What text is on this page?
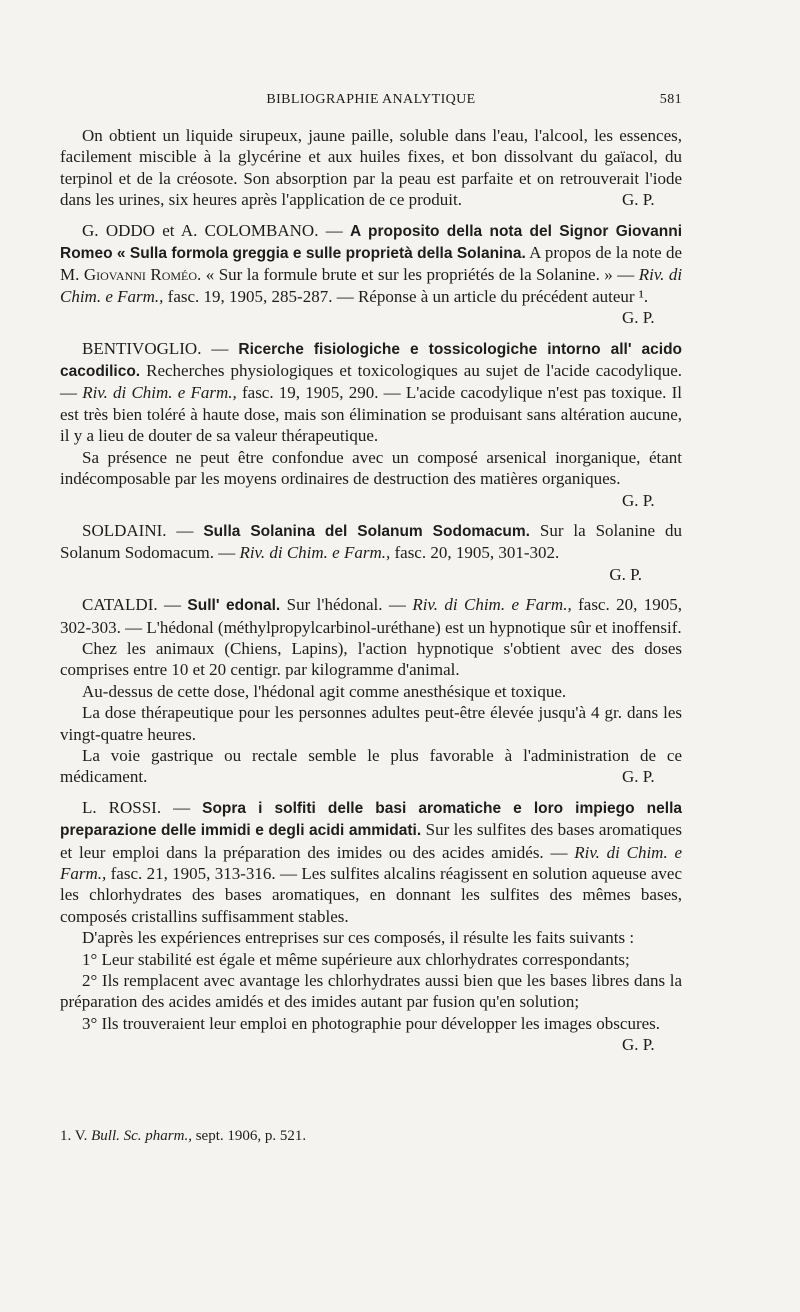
BIBLIOGRAPHIE ANALYTIQUE	581

On obtient un liquide sirupeux, jaune paille, soluble dans l'eau, l'alcool, les essences, facilement miscible à la glycérine et aux huiles fixes, et bon dissolvant du gaïacol, du terpinol et de la créosote. Son absorption par la peau est parfaite et on retrouverait l'iode dans les urines, six heures après l'application de ce produit.	G. P.

G. ODDO et A. COLOMBANO. — A proposito della nota del Signor Giovanni Romeo « Sulla formola greggia e sulle proprietà della Solanina. A propos de la note de M. Giovanni Roméo. « Sur la formule brute et sur les propriétés de la Solanine. » — Riv. di Chim. e Farm., fasc. 19, 1905, 285-287. — Réponse à un article du précédent auteur ¹.
G. P.

BENTIVOGLIO. — Ricerche fisiologiche e tossicologiche intorno all' acido cacodilico. Recherches physiologiques et toxicologiques au sujet de l'acide cacodylique. — Riv. di Chim. e Farm., fasc. 19, 1905, 290. — L'acide cacodylique n'est pas toxique. Il est très bien toléré à haute dose, mais son élimination se produisant sans altération aucune, il y a lieu de douter de sa valeur thérapeutique.

Sa présence ne peut être confondue avec un composé arsenical inorganique, étant indécomposable par les moyens ordinaires de destruction des matières organiques.
G. P.

SOLDAINI. — Sulla Solanina del Solanum Sodomacum. Sur la Solanine du Solanum Sodomacum. — Riv. di Chim. e Farm., fasc. 20, 1905, 301-302.
G. P.

CATALDI. — Sull' edonal. Sur l'hédonal. — Riv. di Chim. e Farm., fasc. 20, 1905, 302-303. — L'hédonal (méthylpropylcarbinol-uréthane) est un hypnotique sûr et inoffensif.

Chez les animaux (Chiens, Lapins), l'action hypnotique s'obtient avec des doses comprises entre 10 et 20 centigr. par kilogramme d'animal.

Au-dessus de cette dose, l'hédonal agit comme anesthésique et toxique.

La dose thérapeutique pour les personnes adultes peut-être élevée jusqu'à 4 gr. dans les vingt-quatre heures.

La voie gastrique ou rectale semble le plus favorable à l'administration de ce médicament.	G. P.

L. ROSSI. — Sopra i solfiti delle basi aromatiche e loro impiego nella preparazione delle immidi e degli acidi ammidati. Sur les sulfites des bases aromatiques et leur emploi dans la préparation des imides ou des acides amidés. — Riv. di Chim. e Farm., fasc. 21, 1905, 313-316. — Les sulfites alcalins réagissent en solution aqueuse avec les chlorhydrates des bases aromatiques, en donnant les sulfites des mêmes bases, composés cristallins suffisamment stables.

D'après les expériences entreprises sur ces composés, il résulte les faits suivants :

1° Leur stabilité est égale et même supérieure aux chlorhydrates correspondants;

2° Ils remplacent avec avantage les chlorhydrates aussi bien que les bases libres dans la préparation des acides amidés et des imides autant par fusion qu'en solution;

3° Ils trouveraient leur emploi en photographie pour développer les images obscures.
G. P.

1. V. Bull. Sc. pharm., sept. 1906, p. 521.
